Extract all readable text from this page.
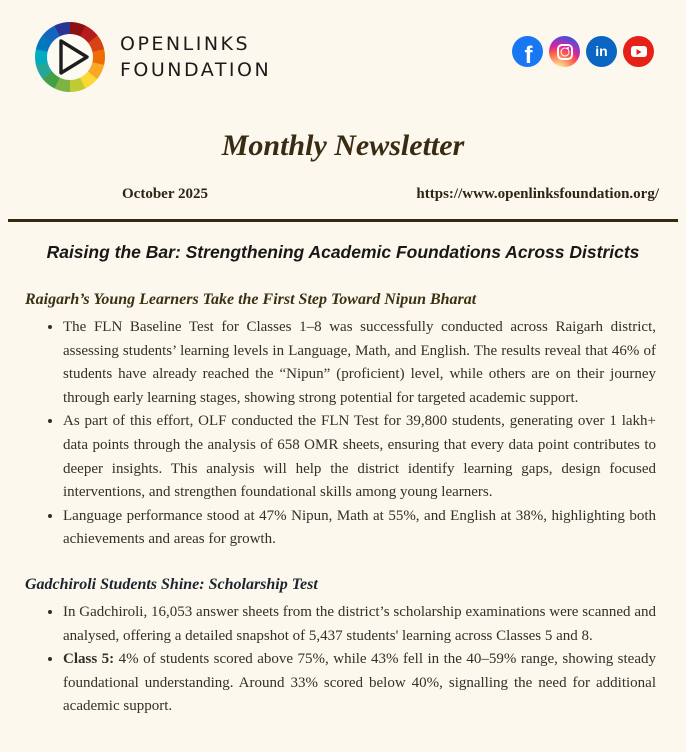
OPENLINKS
FOUNDATION
f	in
Monthly Newsletter
October 2025	https://www.openlinksfoundation.org/
Raising the Bar: Strengthening Academic Foundations Across Districts
Raigarh’s Young Learners Take the First Step Toward Nipun Bharat
• The FLN Baseline Test for Classes 1–8 was successfully conducted across Raigarh district, assessing students’ learning levels in Language, Math, and English. The results reveal that 46% of students have already reached the “Nipun” (proficient) level, while others are on their journey through early learning stages, showing strong potential for targeted academic support.
• As part of this effort, OLF conducted the FLN Test for 39,800 students, generating over 1 lakh+ data points through the analysis of 658 OMR sheets, ensuring that every data point contributes to deeper insights. This analysis will help the district identify learning gaps, design focused interventions, and strengthen foundational skills among young learners.
• Language performance stood at 47% Nipun, Math at 55%, and English at 38%, highlighting both achievements and areas for growth.
Gadchiroli Students Shine: Scholarship Test
• In Gadchiroli, 16,053 answer sheets from the district’s scholarship examinations were scanned and analysed, offering a detailed snapshot of 5,437 students' learning across Classes 5 and 8.
• Class 5: 4% of students scored above 75%, while 43% fell in the 40–59% range, showing steady foundational understanding. Around 33% scored below 40%, signalling the need for additional academic support.
